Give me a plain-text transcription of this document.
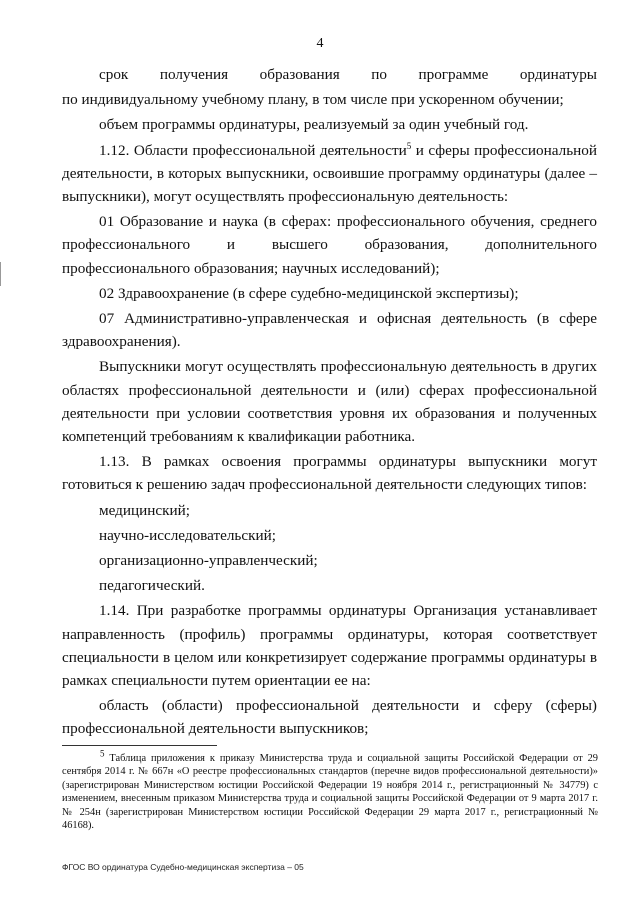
4

срок получения образования по программе ординатуры

по индивидуальному учебному плану, в том числе при ускоренном обучении;

объем программы ординатуры, реализуемый за один учебный год.

1.12. Области профессиональной деятельности$^5$ и сферы профессиональной деятельности, в которых выпускники, освоившие программу ординатуры (далее – выпускники), могут осуществлять профессиональную деятельность:

01 Образование и наука (в сферах: профессионального обучения, среднего профессионального и высшего образования, дополнительного профессионального образования; научных исследований);

02 Здравоохранение (в сфере судебно-медицинской экспертизы);

07 Административно-управленческая и офисная деятельность (в сфере здравоохранения).

Выпускники могут осуществлять профессиональную деятельность в других областях профессиональной деятельности и (или) сферах профессиональной деятельности при условии соответствия уровня их образования и полученных компетенций требованиям к квалификации работника.

1.13. В рамках освоения программы ординатуры выпускники могут готовиться к решению задач профессиональной деятельности следующих типов:

медицинский;

научно-исследовательский;

организационно-управленческий;

педагогический.

1.14. При разработке программы ординатуры Организация устанавливает направленность (профиль) программы ординатуры, которая соответствует специальности в целом или конкретизирует содержание программы ординатуры в рамках специальности путем ориентации ее на:

область (области) профессиональной деятельности и сферу (сферы) профессиональной деятельности выпускников;

$^5$ Таблица приложения к приказу Министерства труда и социальной защиты Российской Федерации от 29 сентября 2014 г. № 667н «О реестре профессиональных стандартов (перечне видов профессиональной деятельности)» (зарегистрирован Министерством юстиции Российской Федерации 19 ноября 2014 г., регистрационный № 34779) с изменением, внесенным приказом Министерства труда и социальной защиты Российской Федерации от 9 марта 2017 г. № 254н (зарегистрирован Министерством юстиции Российской Федерации 29 марта 2017 г., регистрационный № 46168).
ФГОС ВО ординатура Судебно-медицинская экспертиза – 05
